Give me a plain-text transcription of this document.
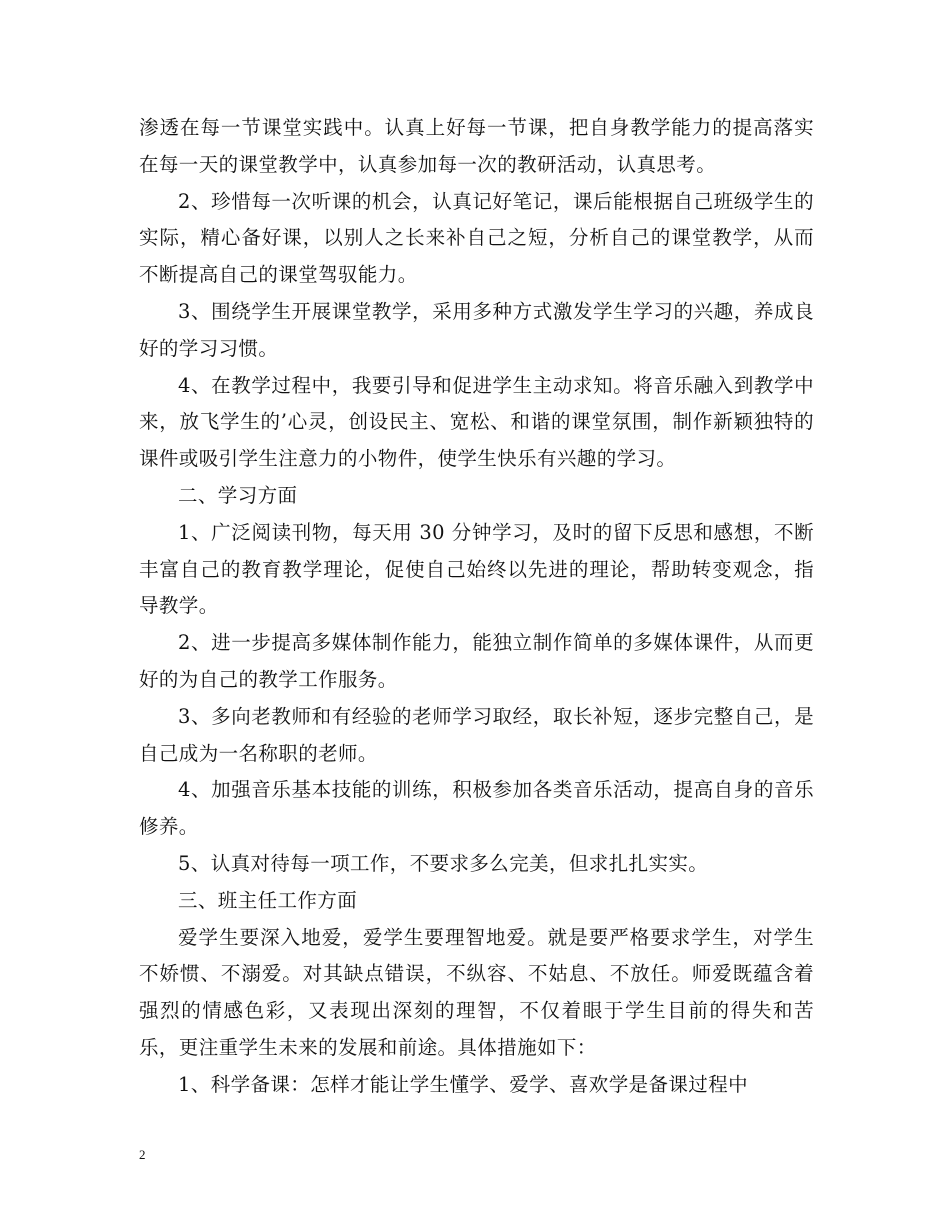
渗透在每一节课堂实践中。认真上好每一节课，把自身教学能力的提高落实在每一天的课堂教学中，认真参加每一次的教研活动，认真思考。

2、珍惜每一次听课的机会，认真记好笔记，课后能根据自己班级学生的实际，精心备好课，以别人之长来补自己之短，分析自己的课堂教学，从而不断提高自己的课堂驾驭能力。

3、围绕学生开展课堂教学，采用多种方式激发学生学习的兴趣，养成良好的学习习惯。

4、在教学过程中，我要引导和促进学生主动求知。将音乐融入到教学中来，放飞学生的’心灵，创设民主、宽松、和谐的课堂氛围，制作新颖独特的课件或吸引学生注意力的小物件，使学生快乐有兴趣的学习。

二、学习方面

1、广泛阅读刊物，每天用 30 分钟学习，及时的留下反思和感想，不断丰富自己的教育教学理论，促使自己始终以先进的理论，帮助转变观念，指导教学。

2、进一步提高多媒体制作能力，能独立制作简单的多媒体课件，从而更好的为自己的教学工作服务。

3、多向老教师和有经验的老师学习取经，取长补短，逐步完整自己，是自己成为一名称职的老师。

4、加强音乐基本技能的训练，积极参加各类音乐活动，提高自身的音乐修养。

5、认真对待每一项工作，不要求多么完美，但求扎扎实实。

三、班主任工作方面

爱学生要深入地爱，爱学生要理智地爱。就是要严格要求学生，对学生不娇惯、不溺爱。对其缺点错误，不纵容、不姑息、不放任。师爱既蕴含着强烈的情感色彩，又表现出深刻的理智，不仅着眼于学生目前的得失和苦乐，更注重学生未来的发展和前途。具体措施如下：

1、科学备课：怎样才能让学生懂学、爱学、喜欢学是备课过程中

2
